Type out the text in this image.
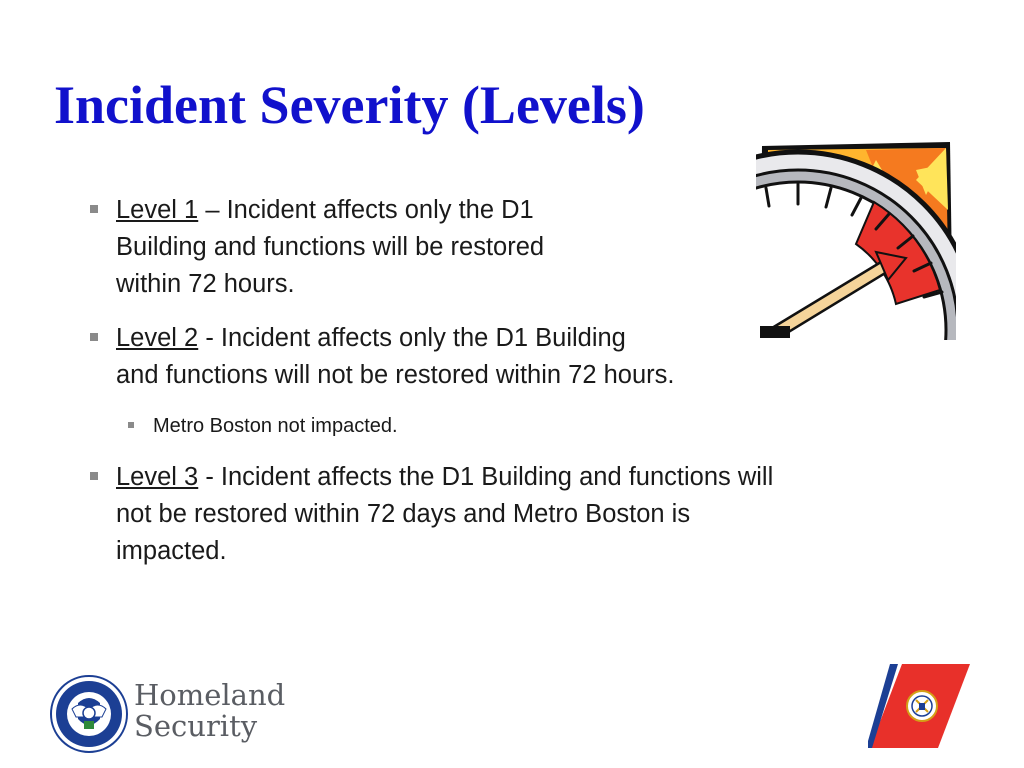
Incident Severity (Levels)
Level 1 – Incident affects only the D1
Building and functions will be restored
within 72 hours.
Level 2 - Incident affects only the D1 Building
and functions will not be restored within 72 hours.
Metro Boston not impacted.
Level 3 - Incident affects the D1 Building and functions will
not be restored within 72 days and Metro Boston is
impacted.
Homeland
Security
